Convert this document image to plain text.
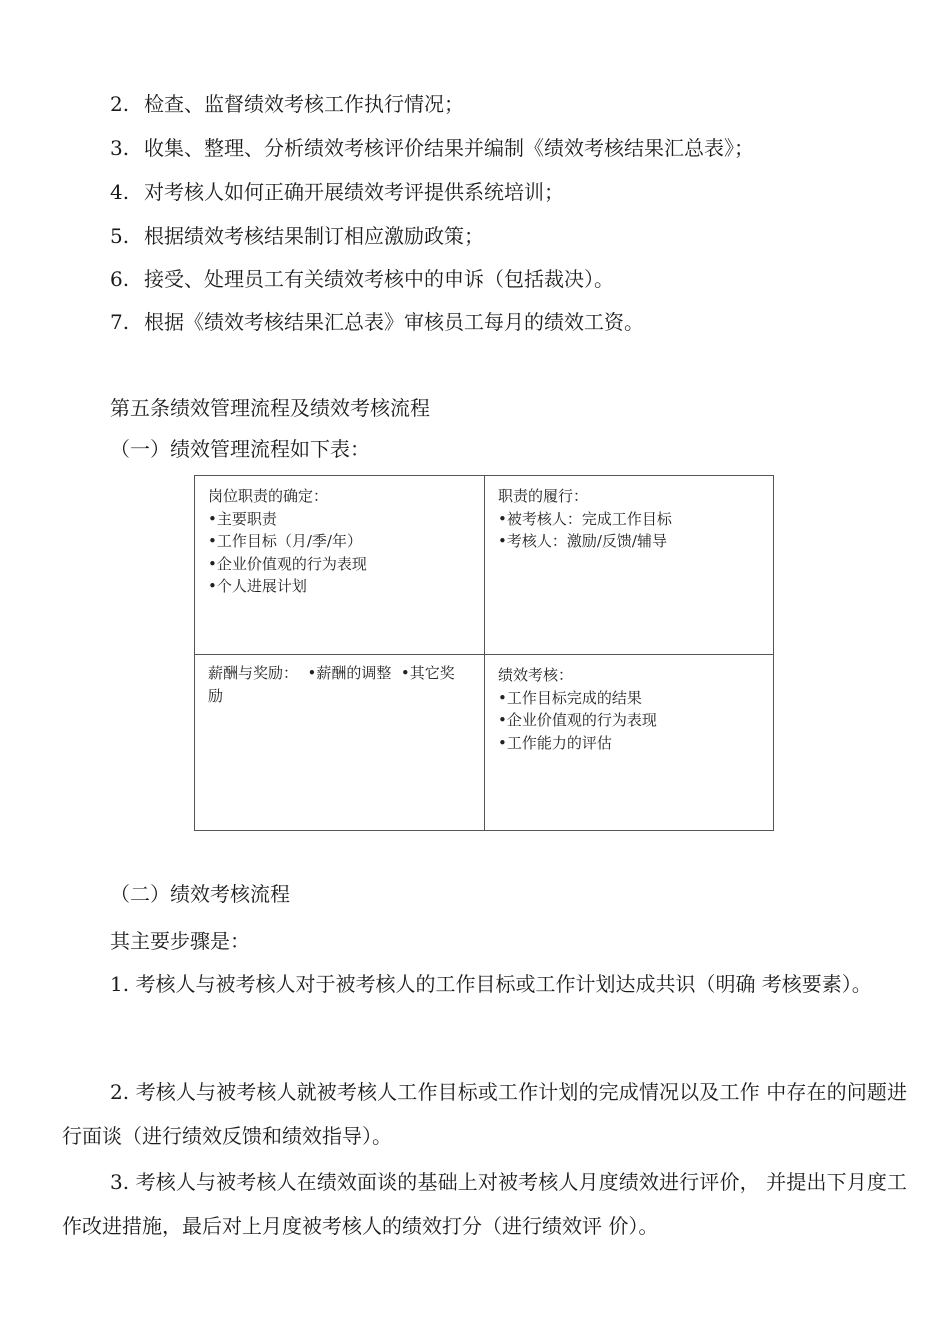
2. 检查、监督绩效考核工作执行情况；
3. 收集、整理、分析绩效考核评价结果并编制《绩效考核结果汇总表》；
4. 对考核人如何正确开展绩效考评提供系统培训；
5. 根据绩效考核结果制订相应激励政策；
6. 接受、处理员工有关绩效考核中的申诉（包括裁决）。
7. 根据《绩效考核结果汇总表》审核员工每月的绩效工资。
第五条绩效管理流程及绩效考核流程
（一）绩效管理流程如下表：
岗位职责的确定：
•主要职责
•工作目标（月/季/年）
•企业价值观的行为表现
•个人进展计划
职责的履行：
•被考核人：完成工作目标
•考核人：激励/反馈/辅导
薪酬与奖励：  •薪酬的调整  •其它奖
励
绩效考核：
•工作目标完成的结果
•企业价值观的行为表现
•工作能力的评估
（二）绩效考核流程
其主要步骤是：
1. 考核人与被考核人对于被考核人的工作目标或工作计划达成共识（明确 考核要素）。
2. 考核人与被考核人就被考核人工作目标或工作计划的完成情况以及工作 中存在的问题进行面谈（进行绩效反馈和绩效指导）。
3. 考核人与被考核人在绩效面谈的基础上对被考核人月度绩效进行评价， 并提出下月度工作改进措施，最后对上月度被考核人的绩效打分（进行绩效评 价）。
